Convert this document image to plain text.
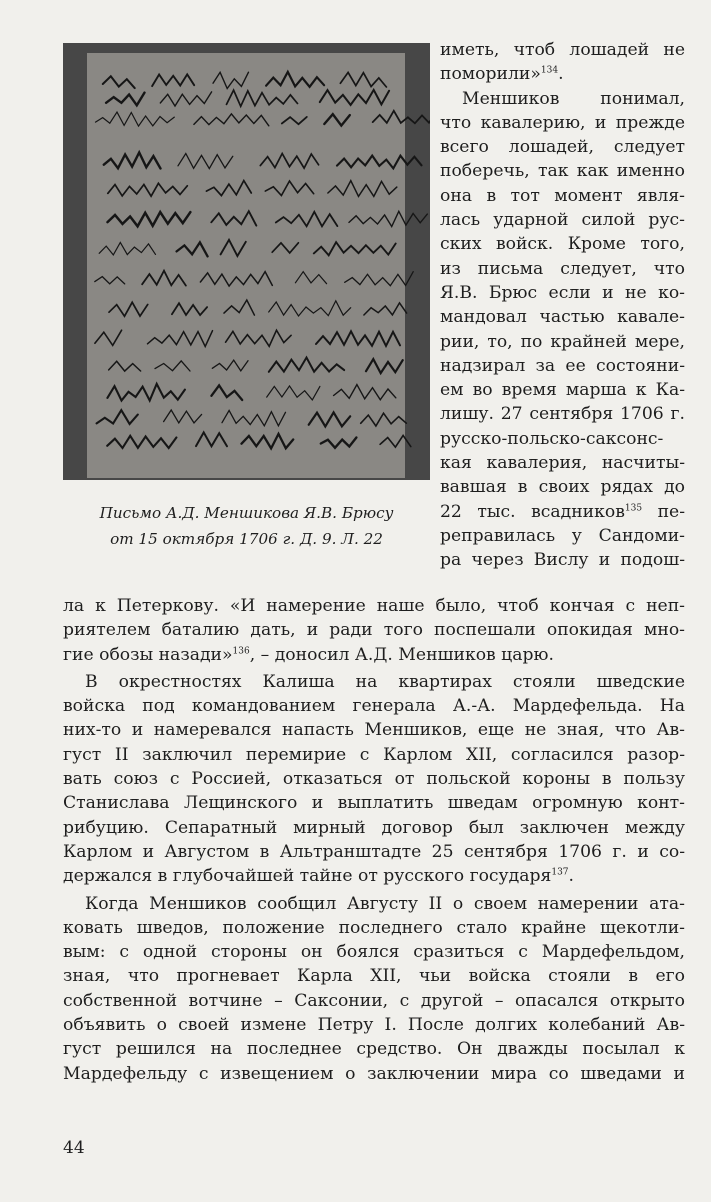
Письмо А.Д. Меншикова Я.В. Брюсу
от 15 октября 1706 г. Д. 9. Л. 22
иметь, чтоб лошадей не
поморили»$^{134}$.
Меншиков понимал,
что кавалерию, и прежде
всего лошадей, следует
поберечь, так как именно
она в тот момент явля-
лась ударной силой рус-
ских войск. Кроме того,
из письма следует, что
Я.В. Брюс если и не ко-
мандовал частью кавале-
рии, то, по крайней мере,
надзирал за ее состояни-
ем во время марша к Ка-
лишу. 27 сентября 1706 г.
русско-польско-саксонс-
кая кавалерия, насчиты-
вавшая в своих рядах до
22 тыс. всадников$^{135}$ пе-
реправилась у Сандоми-
ра через Вислу и подош-
ла к Петеркову. «И намерение наше было, чтоб кончая с неп-
риятелем баталию дать, и ради того поспешали опокидая мно-
гие обозы назади»$^{136}$, – доносил А.Д. Меншиков царю.
В окрестностях Калиша на квартирах стояли шведские
войска под командованием генерала А.-А. Мардефельда. На
них-то и намеревался напасть Меншиков, еще не зная, что Ав-
густ II заключил перемирие с Карлом XII, согласился разор-
вать союз с Россией, отказаться от польской короны в пользу
Станислава Лещинского и выплатить шведам огромную конт-
рибуцию. Сепаратный мирный договор был заключен между
Карлом и Августом в Альтранштадте 25 сентября 1706 г. и со-
держался в глубочайшей тайне от русского государя$^{137}$.
Когда Меншиков сообщил Августу II о своем намерении ата-
ковать шведов, положение последнего стало крайне щекотли-
вым: с одной стороны он боялся сразиться с Мардефельдом,
зная, что прогневает Карла XII, чьи войска стояли в его
собственной вотчине – Саксонии, с другой – опасался открыто
объявить о своей измене Петру I. После долгих колебаний Ав-
густ решился на последнее средство. Он дважды посылал к
Мардефельду с извещением о заключении мира со шведами и
44
